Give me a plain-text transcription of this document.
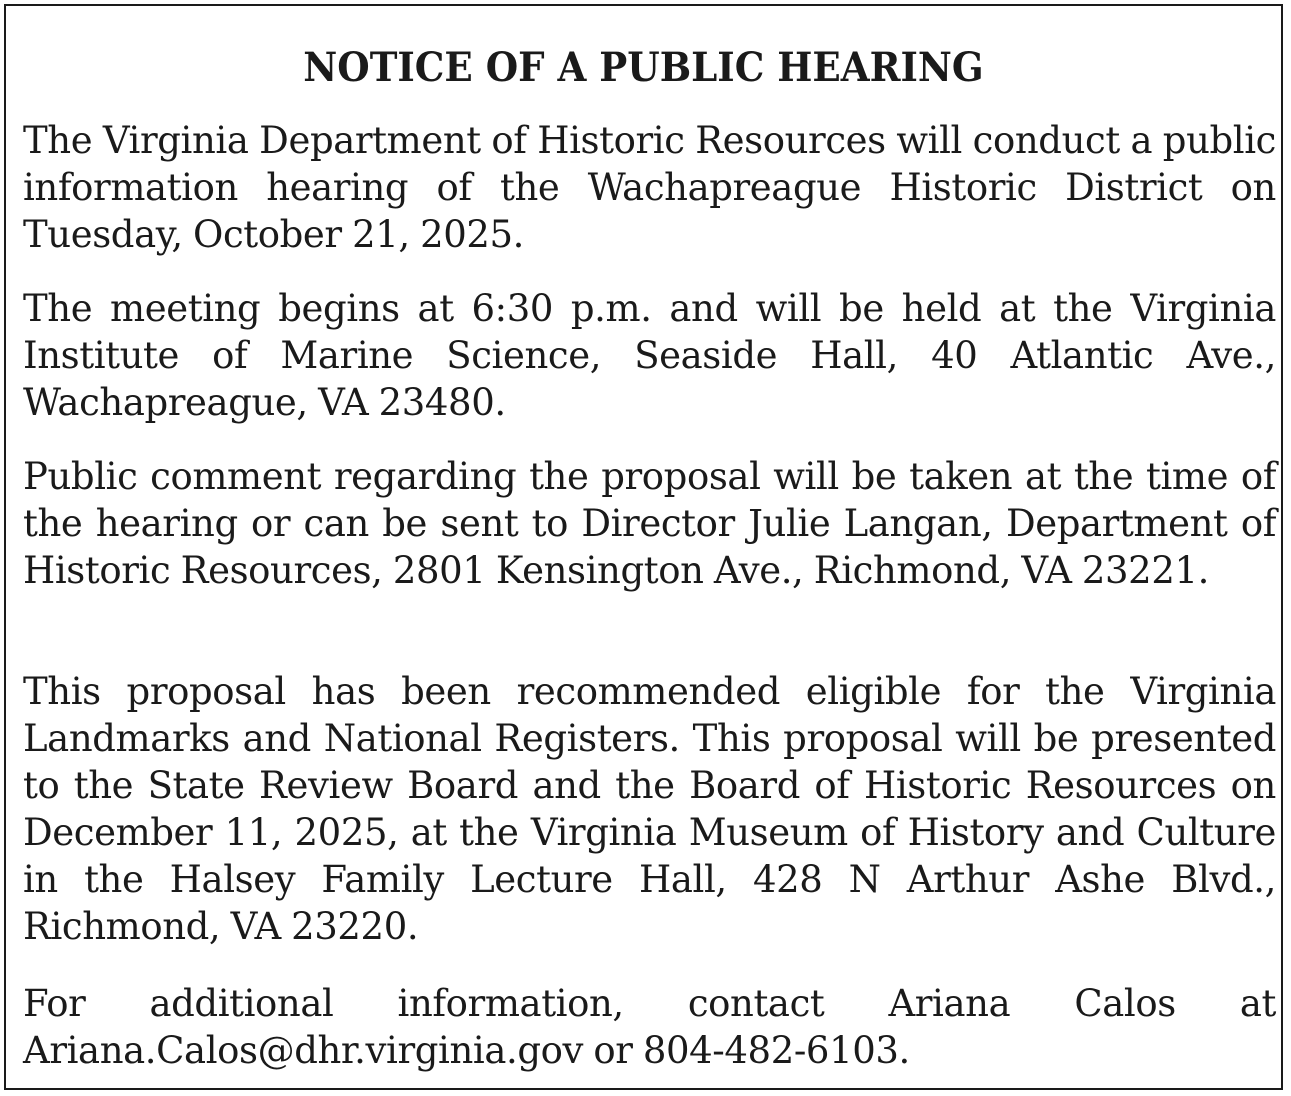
NOTICE OF A PUBLIC HEARING

The Virginia Department of Historic Resources will conduct a public information hearing of the Wachapreague Historic District on Tuesday, October 21, 2025.

The meeting begins at 6:30 p.m. and will be held at the Virginia Institute of Marine Science, Seaside Hall, 40 Atlantic Ave., Wachapreague, VA 23480.

Public comment regarding the proposal will be taken at the time of the hearing or can be sent to Director Julie Langan, Department of Historic Resources, 2801 Kensington Ave., Richmond, VA 23221.

This proposal has been recommended eligible for the Virginia Landmarks and National Registers. This proposal will be presented to the State Review Board and the Board of Historic Resources on December 11, 2025, at the Virginia Museum of History and Culture in the Halsey Family Lecture Hall, 428 N Arthur Ashe Blvd., Richmond, VA 23220.

For additional information, contact Ariana Calos at Ariana.Calos@dhr.virginia.gov or 804-482-6103.
